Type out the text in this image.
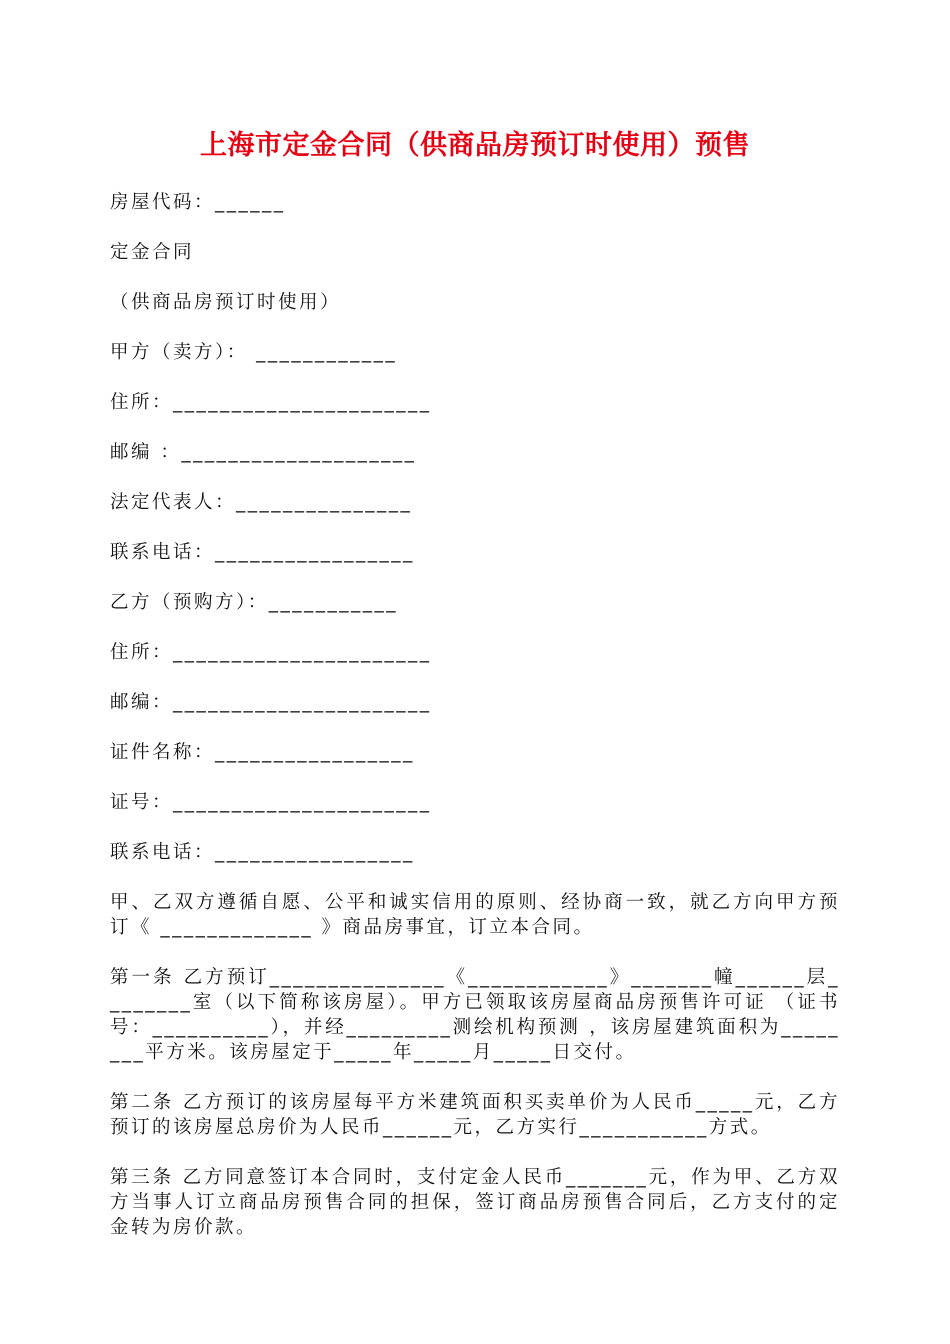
上海市定金合同（供商品房预订时使用）预售
房屋代码：______
定金合同
（供商品房预订时使用）
甲方（卖方）： ____________
住所：______________________
邮编 ：____________________
法定代表人：_______________
联系电话：_________________
乙方（预购方）：___________
住所：______________________
邮编：______________________
证件名称：_________________
证号：______________________
联系电话：_________________
甲、乙双方遵循自愿、公平和诚实信用的原则、经协商一致，就乙方向甲方预订《 _____________ 》商品房事宜，订立本合同。
第一条 乙方预订_______________《____________》_______幢______层________室（以下简称该房屋）。甲方已领取该房屋商品房预售许可证 （证书号：__________），并经_________测绘机构预测 ，该房屋建筑面积为________平方米。该房屋定于_____年_____月_____日交付。
第二条 乙方预订的该房屋每平方米建筑面积买卖单价为人民币_____元，乙方预订的该房屋总房价为人民币______元，乙方实行___________方式。
第三条 乙方同意签订本合同时，支付定金人民币_______元，作为甲、乙方双方当事人订立商品房预售合同的担保，签订商品房预售合同后，乙方支付的定金转为房价款。
